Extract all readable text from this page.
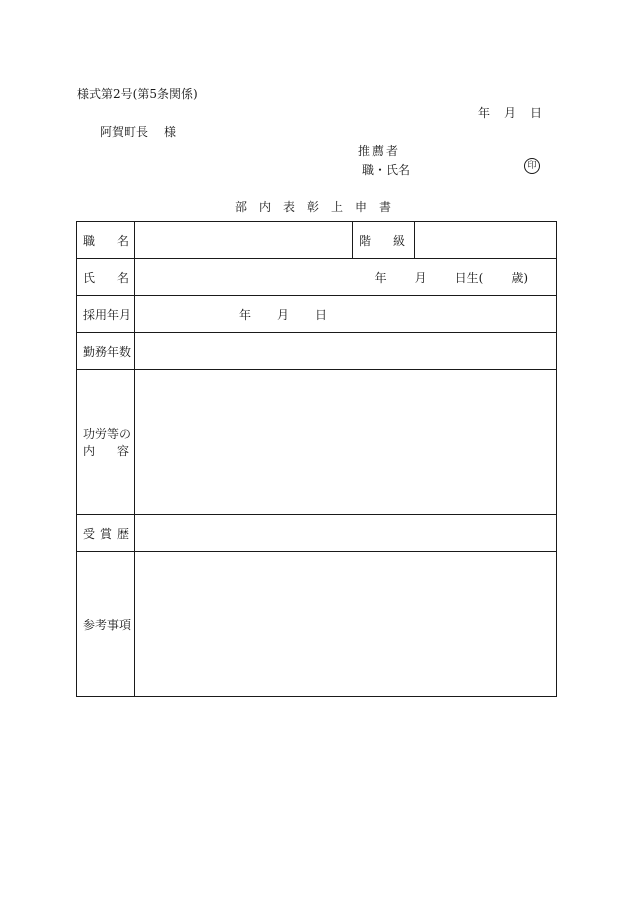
様式第2号(第5条関係)
年 月 日
阿賀町長 様
推薦者
職・氏名	印
部内表彰上申書
職 名		階 級	

氏 名	年 月 日生( 歳)		
採用年月	年 月 日		
勤務年数			

功労等の
内 容			

受 賞 歴			

参考事項			
